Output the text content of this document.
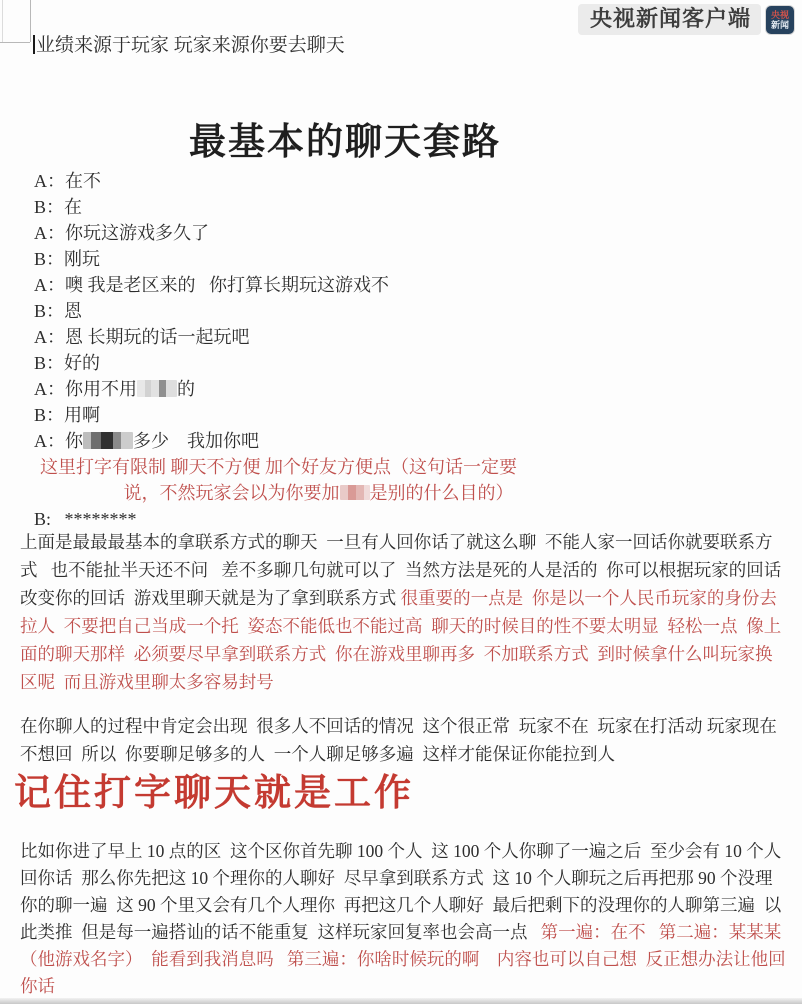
央视新闻客户端	央视
新闻
业绩来源于玩家 玩家来源你要去聊天
最基本的聊天套路
A：在不
B：在
A：你玩这游戏多久了
B：刚玩
A：噢 我是老区来的   你打算长期玩这游戏不
B：恩
A：恩 长期玩的话一起玩吧
B：好的
A：你用不用 的
B：用啊
A：你	多少　我加你吧
这里打字有限制 聊天不方便 加个好友方便点（这句话一定要
说，不然玩家会以为你要加 是别的什么目的）
B:   ********

上面是最最最基本的拿联系方式的聊天  一旦有人回你话了就这么聊  不能人家一回话你就要联系方式   也不能扯半天还不问   差不多聊几句就可以了  当然方法是死的人是活的  你可以根据玩家的回话改变你的回话  游戏里聊天就是为了拿到联系方式 很重要的一点是  你是以一个人民币玩家的身份去拉人  不要把自己当成一个托  姿态不能低也不能过高  聊天的时候目的性不要太明显  轻松一点  像上面的聊天那样  必须要尽早拿到联系方式  你在游戏里聊再多  不加联系方式  到时候拿什么叫玩家换区呢  而且游戏里聊太多容易封号

在你聊人的过程中肯定会出现  很多人不回话的情况  这个很正常  玩家不在  玩家在打活动 玩家现在不想回  所以  你要聊足够多的人  一个人聊足够多遍  这样才能保证你能拉到人

记住打字聊天就是工作

比如你进了早上 10 点的区  这个区你首先聊 100 个人  这 100 个人你聊了一遍之后  至少会有 10 个人回你话  那么你先把这 10 个理你的人聊好  尽早拿到联系方式  这 10 个人聊玩之后再把那 90 个没理你的聊一遍  这 90 个里又会有几个人理你  再把这几个人聊好  最后把剩下的没理你的人聊第三遍  以此类推  但是每一遍搭讪的话不能重复  这样玩家回复率也会高一点   第一遍：在不   第二遍：某某某（他游戏名字）  能看到我消息吗   第三遍：你啥时候玩的啊    内容也可以自己想  反正想办法让他回你话
